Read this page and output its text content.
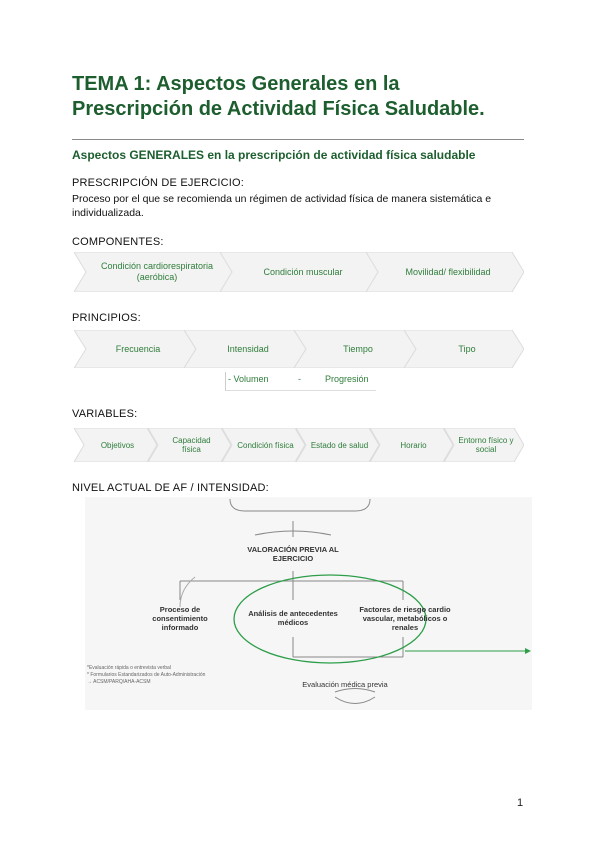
TEMA 1: Aspectos Generales en la
Prescripción de Actividad Física Saludable.
Aspectos GENERALES en la prescripción de actividad física saludable
PRESCRIPCIÓN DE EJERCICIO:
Proceso por el que se recomienda un régimen de actividad física de manera sistemática e individualizada.
COMPONENTES:
Condición cardiorespiratoria (aeróbica)
Condición muscular	Movilidad/ flexibilidad
PRINCIPIOS:
Frecuencia	Intensidad	Tiempo	Tipo
- Volumen	-	Progresión
VARIABLES:
Objetivos	Capacidad física	Condición física	Estado de salud	Horario	Entorno físico y social
NIVEL ACTUAL DE AF / INTENSIDAD:
VALORACIÓN PREVIA AL EJERCICIO
Proceso de consentimiento informado
Análisis de antecedentes médicos
Factores de riesgo cardio vascular, metabólicos o renales
Evaluación médica previa
*Evaluación rápida o entrevista verbal
* Formularios Estandarizados de Auto-Administración
→ ACSM/PARQ/AHA-ACSM
1
